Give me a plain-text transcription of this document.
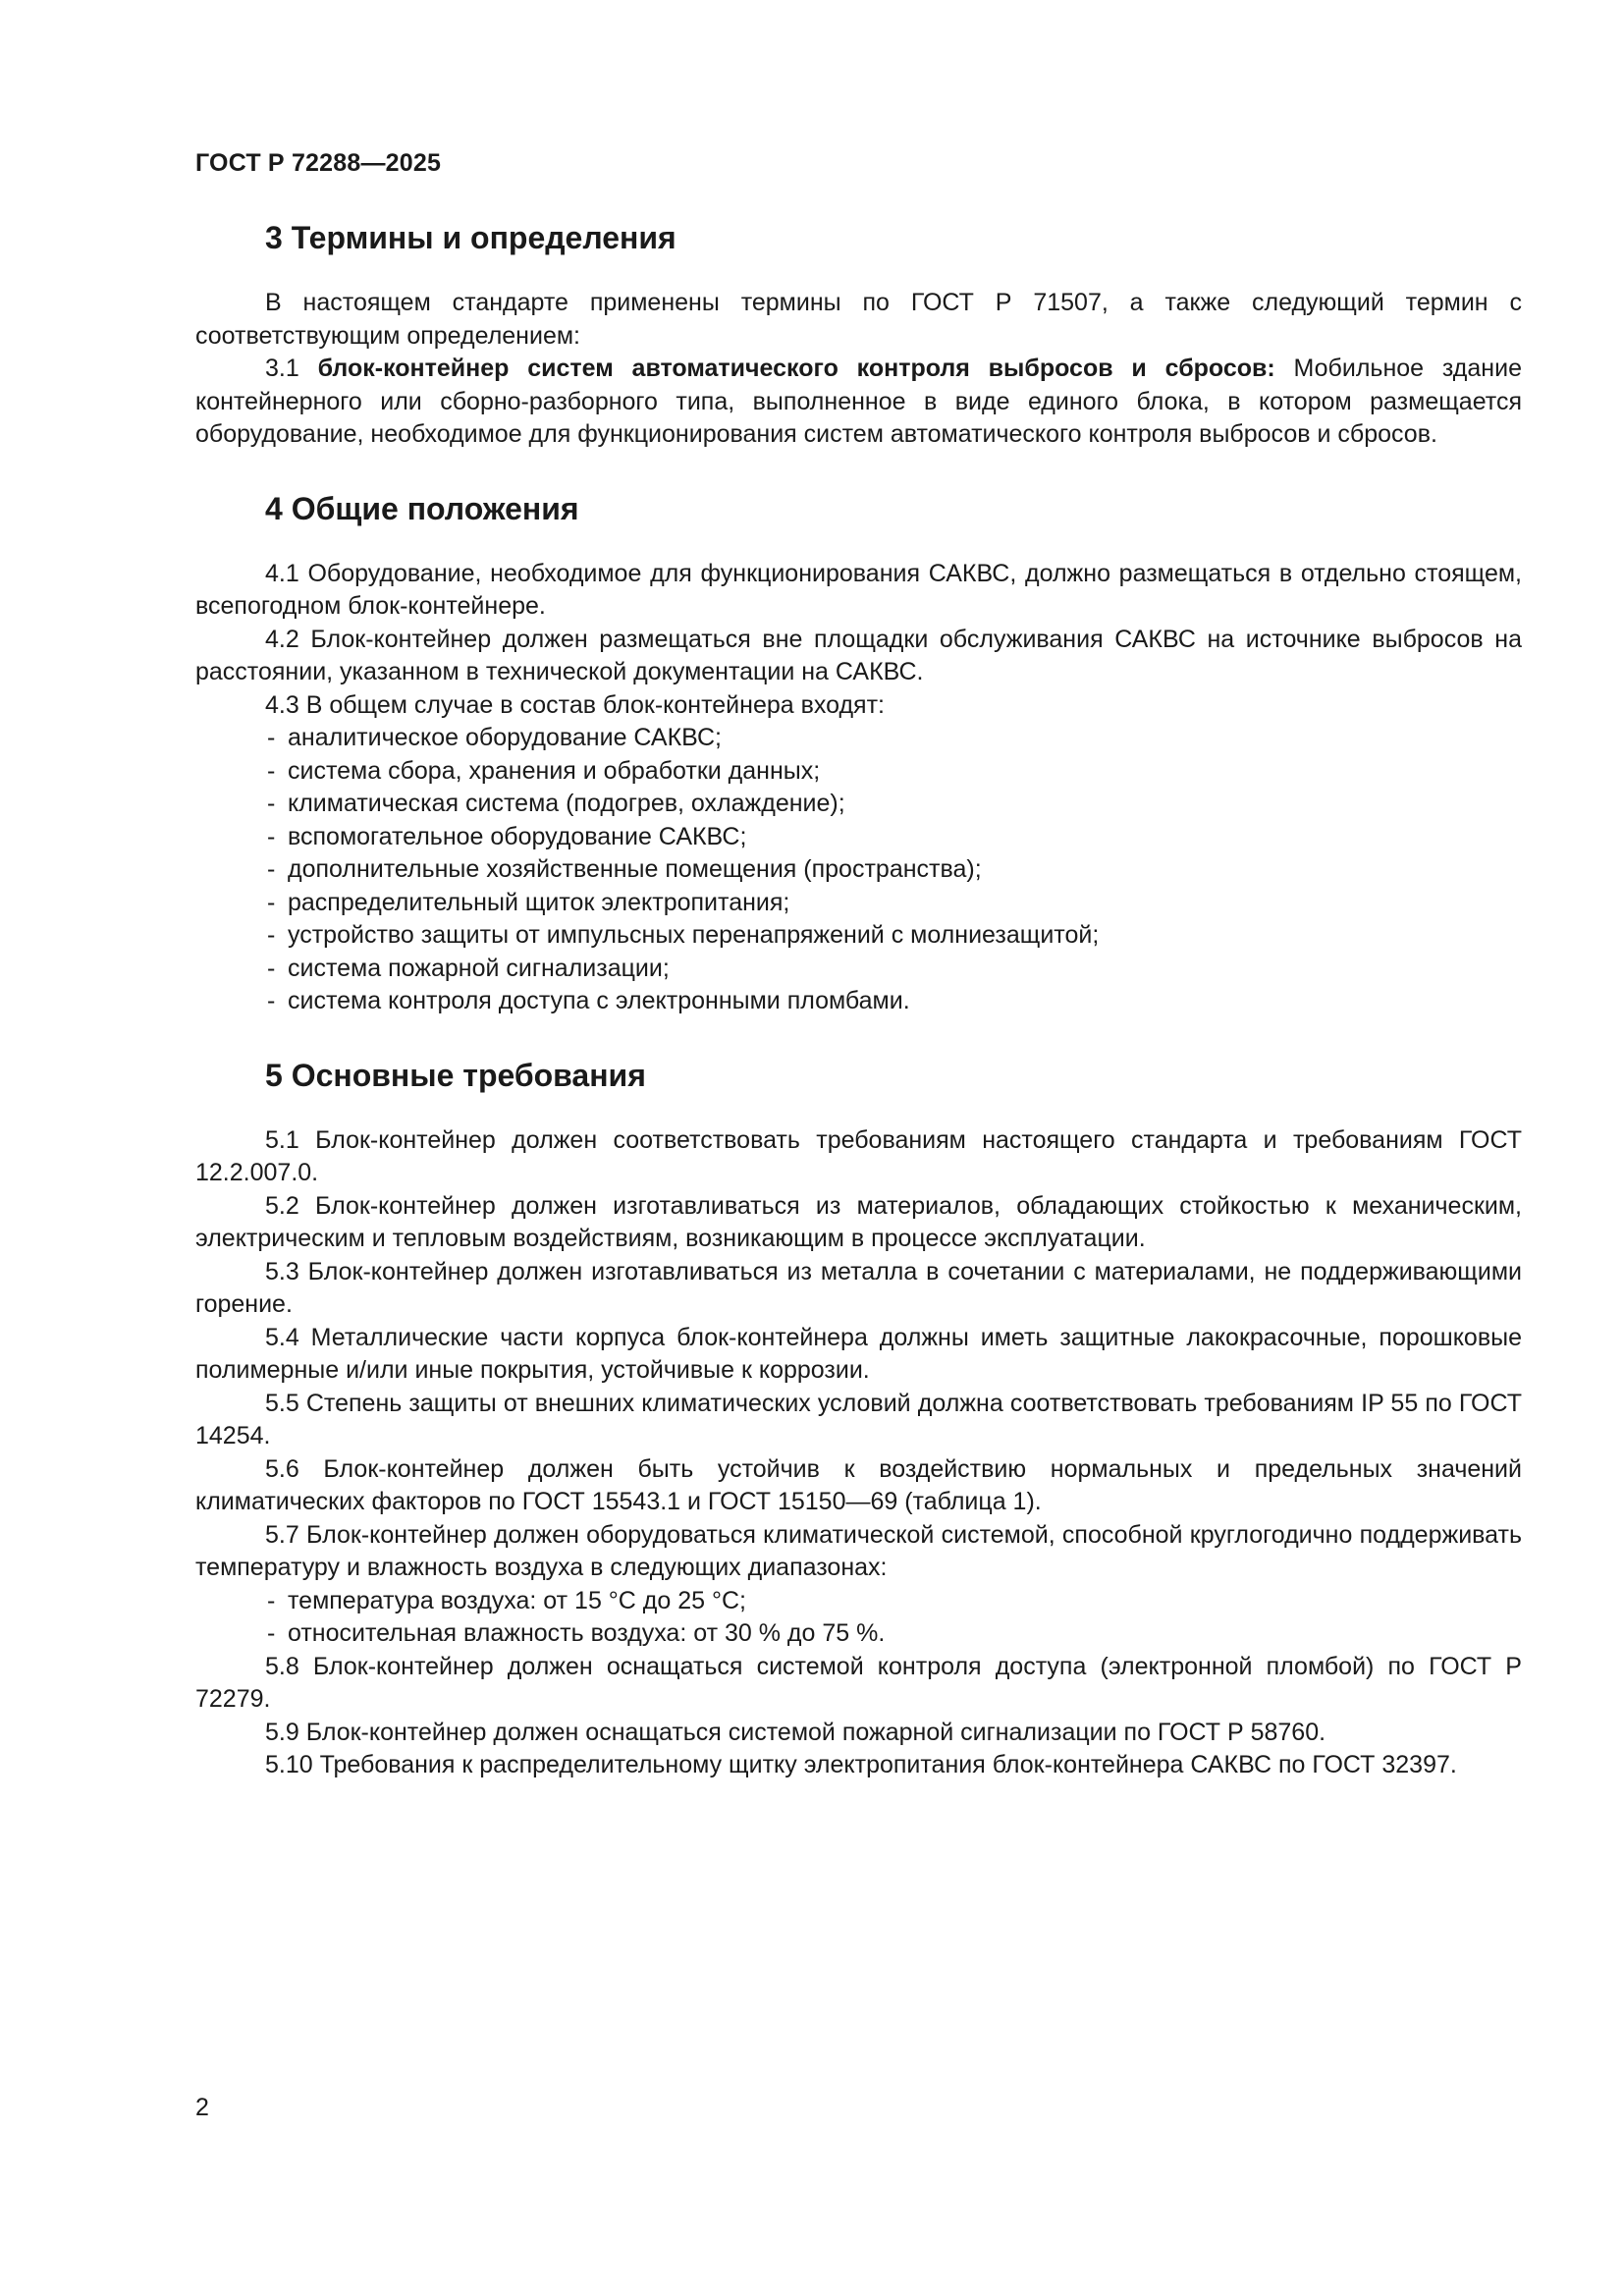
ГОСТ Р 72288—2025
3 Термины и определения

В настоящем стандарте применены термины по ГОСТ Р 71507, а также следующий термин с соответствующим определением:

3.1 блок-контейнер систем автоматического контроля выбросов и сбросов: Мобильное здание контейнерного или сборно-разборного типа, выполненное в виде единого блока, в котором размещается оборудование, необходимое для функционирования систем автоматического контроля выбросов и сбросов.

4 Общие положения

4.1 Оборудование, необходимое для функционирования САКВС, должно размещаться в отдельно стоящем, всепогодном блок-контейнере.

4.2 Блок-контейнер должен размещаться вне площадки обслуживания САКВС на источнике выбросов на расстоянии, указанном в технической документации на САКВС.

4.3 В общем случае в состав блок-контейнера входят:

- аналитическое оборудование САКВС;
- система сбора, хранения и обработки данных;
- климатическая система (подогрев, охлаждение);
- вспомогательное оборудование САКВС;
- дополнительные хозяйственные помещения (пространства);
- распределительный щиток электропитания;
- устройство защиты от импульсных перенапряжений с молниезащитой;
- система пожарной сигнализации;
- система контроля доступа с электронными пломбами.
5 Основные требования

5.1 Блок-контейнер должен соответствовать требованиям настоящего стандарта и требованиям ГОСТ 12.2.007.0.

5.2 Блок-контейнер должен изготавливаться из материалов, обладающих стойкостью к механическим, электрическим и тепловым воздействиям, возникающим в процессе эксплуатации.

5.3 Блок-контейнер должен изготавливаться из металла в сочетании с материалами, не поддерживающими горение.

5.4 Металлические части корпуса блок-контейнера должны иметь защитные лакокрасочные, порошковые полимерные и/или иные покрытия, устойчивые к коррозии.

5.5 Степень защиты от внешних климатических условий должна соответствовать требованиям IP 55 по ГОСТ 14254.

5.6 Блок-контейнер должен быть устойчив к воздействию нормальных и предельных значений климатических факторов по ГОСТ 15543.1 и ГОСТ 15150—69 (таблица 1).

5.7 Блок-контейнер должен оборудоваться климатической системой, способной круглогодично поддерживать температуру и влажность воздуха в следующих диапазонах:

- температура воздуха: от 15 °С до 25 °С;
- относительная влажность воздуха: от 30 % до 75 %.

5.8 Блок-контейнер должен оснащаться системой контроля доступа (электронной пломбой) по ГОСТ Р 72279.

5.9 Блок-контейнер должен оснащаться системой пожарной сигнализации по ГОСТ Р 58760.

5.10 Требования к распределительному щитку электропитания блок-контейнера САКВС по ГОСТ 32397.

2
